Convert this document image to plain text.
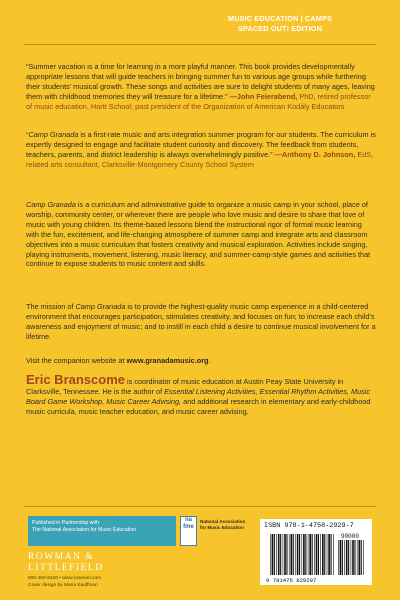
MUSIC EDUCATION | CAMPS
SPACED OUT! EDITION

“Summer vacation is a time for learning in a more playful manner. This book provides developmentally appropriate lessons that will guide teachers in bringing summer fun to various age groups while furthering their students’ musical growth. These songs and activities are sure to delight students of many ages, leaving them with childhood memories they will treasure for a lifetime.” —John Feierabend, PhD, retired professor of music education, Hartt School; past president of the Organization of American Kodály Educators

“Camp Granada is a first-rate music and arts integration summer program for our students. The curriculum is expertly designed to engage and facilitate student curiosity and discovery. The feedback from students, teachers, parents, and district leadership is always overwhelmingly positive.” —Anthony D. Johnson, EdS, related arts consultant, Clarksville-Montgomery County School System

Camp Granada is a curriculum and administrative guide to organize a music camp in your school, place of worship, community center, or wherever there are people who love music and desire to share that love of music with young children. Its theme-based lessons blend the instructional rigor of formal music learning with the fun, excitement, and life-changing atmosphere of summer camp and integrate arts and classroom objectives into a music curriculum that fosters creativity and musical exploration. Activities include singing, playing instruments, movement, listening, music literacy, and summer-camp-style games and activities that continue to expose students to music content and skills.

The mission of Camp Granada is to provide the highest-quality music camp experience in a child-centered environment that encourages participation, stimulates creativity, and focuses on fun; to increase each child’s awareness and enjoyment of music; and to instill in each child a desire to continue musical involvement for a lifetime.

Visit the companion website at www.granadamusic.org.

Eric Branscome is coordinator of music education at Austin Peay State University in Clarksville, Tennessee. He is the author of Essential Listening Activities, Essential Rhythm Activities, Music Board Game Workshop, Music Career Advising, and additional research in elementary and early-childhood music curricula, music teacher education, and music career advising.

Published in Partnership with
The National Association for Music Education
na
fme
National Association for Music Education
ROWMAN &
LITTLEFIELD
800-462-6420 • www.rowman.com
Cover design by Maria Kauffman
ISBN 978-1-4758-2929-7
90000
9 781475 829297
